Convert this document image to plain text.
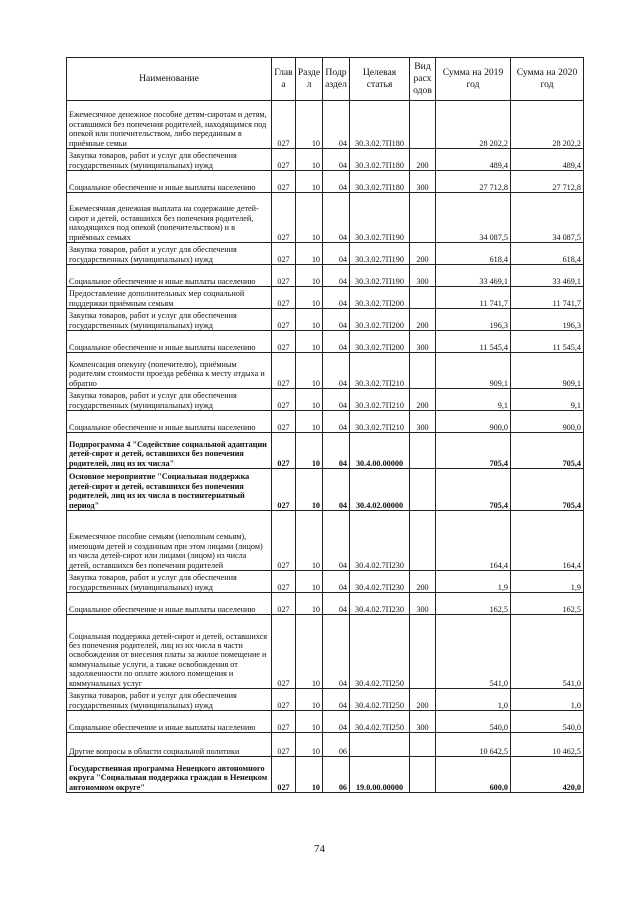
Наименование	Глав а	Разде л	Подр аздел	Целевая статья	Вид расх одов	Сумма на 2019 год	Сумма на 2020 год
Ежемесячное денежное пособие детям-сиротам и детям, оставшимся без попечения родителей, находящимся под опекой или попечительством, либо переданным в приёмные семьи	027	10	04	30.3.02.7П180		28 202,2	28 202,2
Закупка товаров, работ и услуг для обеспечения государственных (муниципальных) нужд	027	10	04	30.3.02.7П180	200	489,4	489,4
Социальное обеспечение и иные выплаты населению	027	10	04	30.3.02.7П180	300	27 712,8	27 712,8
Ежемесячная денежная выплата на содержание детей-сирот и детей, оставшихся без попечения родителей, находящихся под опекой (попечительством) и в приёмных семьях	027	10	04	30.3.02.7П190		34 087,5	34 087,5
Закупка товаров, работ и услуг для обеспечения государственных (муниципальных) нужд	027	10	04	30.3.02.7П190	200	618,4	618,4
Социальное обеспечение и иные выплаты населению	027	10	04	30.3.02.7П190	300	33 469,1	33 469,1
Предоставление дополнительных мер социальной поддержки приёмным семьям	027	10	04	30.3.02.7П200		11 741,7	11 741,7
Закупка товаров, работ и услуг для обеспечения государственных (муниципальных) нужд	027	10	04	30.3.02.7П200	200	196,3	196,3
Социальное обеспечение и иные выплаты населению	027	10	04	30.3.02.7П200	300	11 545,4	11 545,4
Компенсация опекуну (попечителю), приёмным родителям стоимости проезда ребёнка к месту отдыха и обратно	027	10	04	30.3.02.7П210		909,1	909,1
Закупка товаров, работ и услуг для обеспечения государственных (муниципальных) нужд	027	10	04	30.3.02.7П210	200	9,1	9,1
Социальное обеспечение и иные выплаты населению	027	10	04	30.3.02.7П210	300	900,0	900,0
Подпрограмма 4 "Содействие социальной адаптации детей-сирот и детей, оставшихся без попечения родителей, лиц из их числа"	027	10	04	30.4.00.00000		705,4	705,4
Основное мероприятие "Социальная поддержка детей-сирот и детей, оставшихся без попечения родителей, лиц из их числа в постинтернатный период"	027	10	04	30.4.02.00000		705,4	705,4
Ежемесячное пособие семьям (неполным семьям), имеющим детей и созданным при этом лицами (лицом) из числа детей-сирот или лицами (лицом) из числа детей, оставшихся без попечения родителей	027	10	04	30.4.02.7П230		164,4	164,4
Закупка товаров, работ и услуг для обеспечения государственных (муниципальных) нужд	027	10	04	30.4.02.7П230	200	1,9	1,9
Социальное обеспечение и иные выплаты населению	027	10	04	30.4.02.7П230	300	162,5	162,5
Социальная поддержка детей-сирот и детей, оставшихся без попечения родителей, лиц из их числа в части освобождения от внесения платы за жилое помещение и коммунальные услуги, а также освобождения от задолженности по оплате жилого помещения и коммунальных услуг	027	10	04	30.4.02.7П250		541,0	541,0
Закупка товаров, работ и услуг для обеспечения государственных (муниципальных) нужд	027	10	04	30.4.02.7П250	200	1,0	1,0
Социальное обеспечение и иные выплаты населению	027	10	04	30.4.02.7П250	300	540,0	540,0
Другие вопросы в области социальной политики	027	10	06			10 642,5	10 462,5
Государственная программа Ненецкого автономного округа "Социальная поддержка граждан в Ненецком автономном округе"	027	10	06	19.0.00.00000		600,0	420,0
74
